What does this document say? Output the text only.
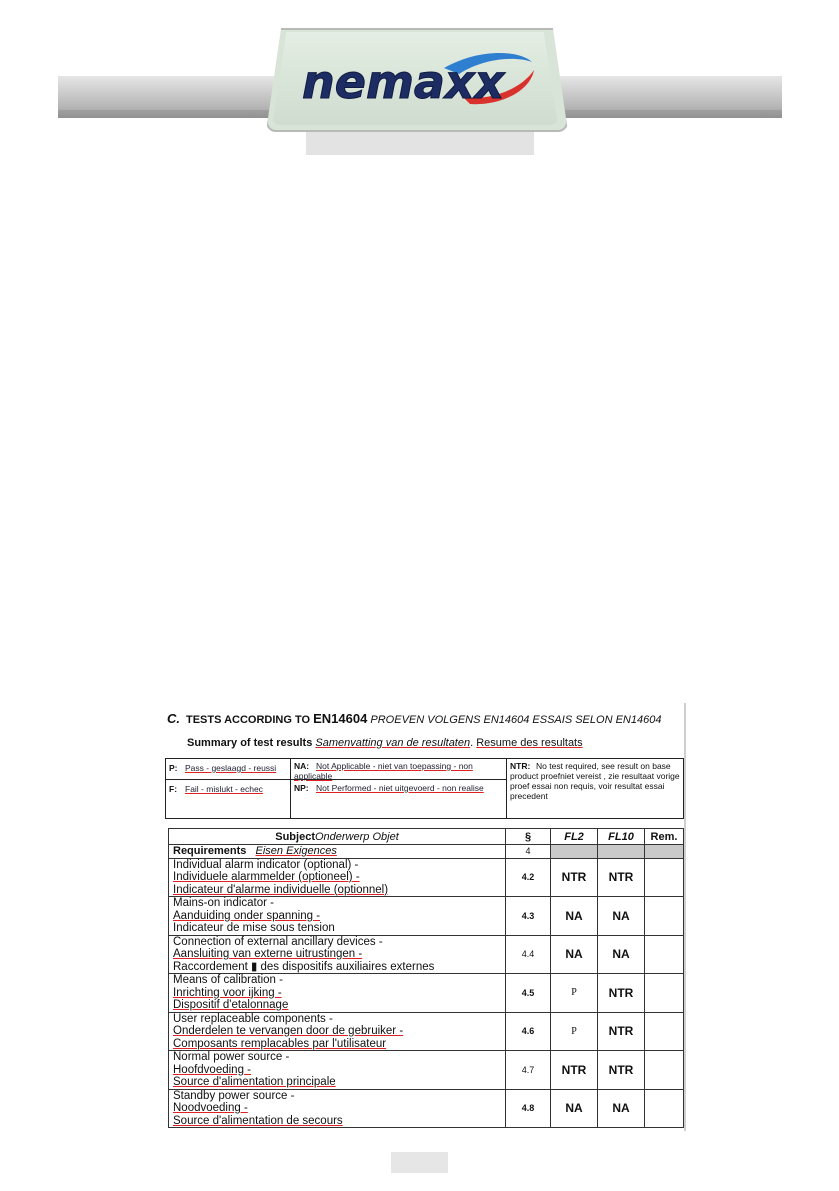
nemaxx
C. TESTS ACCORDING TO EN14604 PROEVEN VOLGENS EN14604 ESSAIS SELON EN14604
Summary of test results Samenvatting van de resultaten. Resume des resultats
P: Pass - geslaagd - reussi
F: Fail - mislukt - echec
NA: Not Applicable - niet van toepassing - non applicable
NP: Not Performed - niet uitgevoerd - non realise
NTR: No test required, see result on base product proefniet vereist , zie resultaat vorige proef essai non requis, voir resultat essai precedent
SubjectOnderwerp Objet	§	FL2	FL10	Rem.
Requirements Eisen Exigences	4			

Individual alarm indicator (optional) -
Individuele alarmmelder (optioneel) -
Indicateur d'alarme individuelle (optionnel)	4.2	NTR	NTR	

Mains-on indicator -
Aanduiding onder spanning -
Indicateur de mise sous tension	4.3	NA	NA	

Connection of external ancillary devices -
Aansluiting van externe uitrustingen -
Raccordement ▮ des dispositifs auxiliaires externes	4.4	NA	NA	

Means of calibration -
Inrichting voor ijking -
Dispositif d'etalonnage	4.5	P	NTR	

User replaceable components -
Onderdelen te vervangen door de gebruiker -
Composants remplacables par l'utilisateur	4.6	P	NTR	

Normal power source -
Hoofdvoeding -
Source d'alimentation principale	4.7	NTR	NTR	

Standby power source -
Noodvoeding -
Source d'alimentation de secours	4.8	NA	NA	
